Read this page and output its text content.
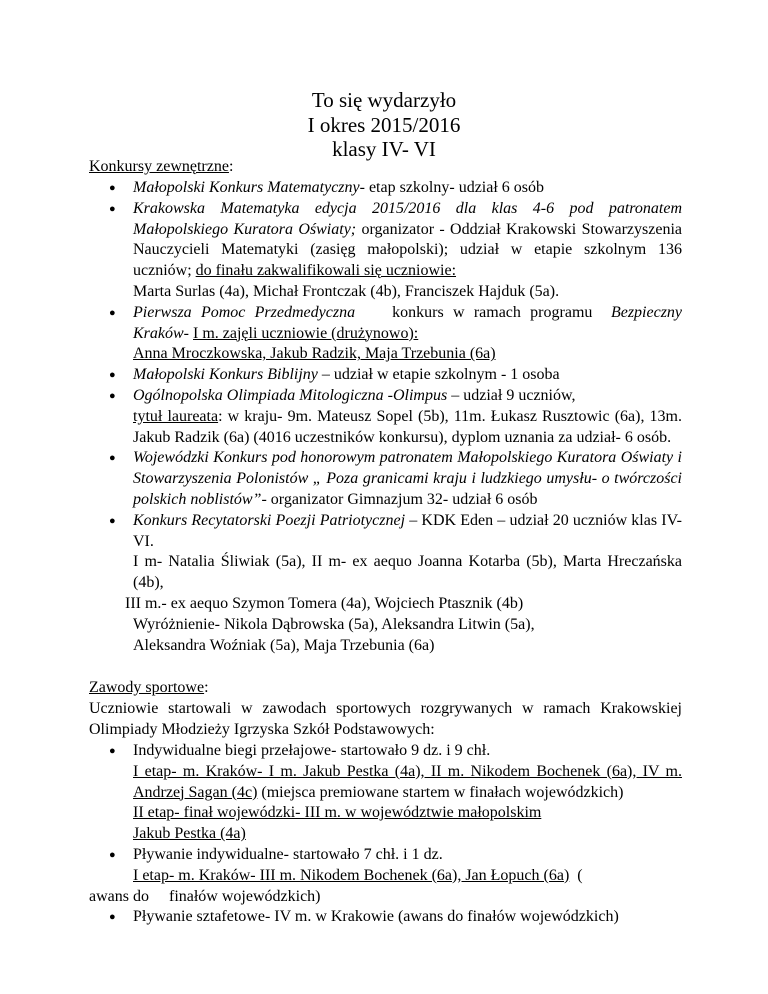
To się wydarzyło
I okres 2015/2016
klasy IV- VI
Konkursy zewnętrzne:
● Małopolski Konkurs Matematyczny- etap szkolny- udział 6 osób
● Krakowska Matematyka edycja 2015/2016 dla klas 4-6 pod patronatem Małopolskiego Kuratora Oświaty; organizator - Oddział Krakowski Stowarzyszenia Nauczycieli Matematyki (zasięg małopolski); udział w etapie szkolnym 136 uczniów; do finału zakwalifikowali się uczniowie:
Marta Surlas (4a), Michał Frontczak (4b), Franciszek Hajduk (5a).
● Pierwsza Pomoc Przedmedyczna    konkurs w ramach programu  Bezpieczny Kraków- I m. zajęli uczniowie (drużynowo):
Anna Mroczkowska, Jakub Radzik, Maja Trzebunia (6a)
● Małopolski Konkurs Biblijny – udział w etapie szkolnym - 1 osoba
● Ogólnopolska Olimpiada Mitologiczna -Olimpus – udział 9 uczniów,
tytuł laureata: w kraju- 9m. Mateusz Sopel (5b), 11m. Łukasz Rusztowic (6a), 13m. Jakub Radzik (6a) (4016 uczestników konkursu), dyplom uznania za udział- 6 osób.
● Wojewódzki Konkurs pod honorowym patronatem Małopolskiego Kuratora Oświaty i Stowarzyszenia Polonistów „ Poza granicami kraju i ludzkiego umysłu- o twórczości polskich noblistów”- organizator Gimnazjum 32- udział 6 osób
● Konkurs Recytatorski Poezji Patriotycznej – KDK Eden – udział 20 uczniów klas IV- VI.
I m- Natalia Śliwiak (5a), II m- ex aequo Joanna Kotarba (5b), Marta Hreczańska (4b),
III m.- ex aequo Szymon Tomera (4a), Wojciech Ptasznik (4b)
Wyróżnienie- Nikola Dąbrowska (5a), Aleksandra Litwin (5a),
Aleksandra Woźniak (5a), Maja Trzebunia (6a)
Zawody sportowe:
Uczniowie startowali w zawodach sportowych rozgrywanych w ramach Krakowskiej Olimpiady Młodzieży Igrzyska Szkół Podstawowych:
● Indywidualne biegi przełajowe- startowało 9 dz. i 9 chł.
I etap- m. Kraków- I m. Jakub Pestka (4a), II m. Nikodem Bochenek (6a), IV m. Andrzej Sagan (4c) (miejsca premiowane startem w finałach wojewódzkich)
II etap- finał wojewódzki- III m. w województwie małopolskim
Jakub Pestka (4a)
● Pływanie indywidualne- startowało 7 chł. i 1 dz.
I etap- m. Kraków- III m. Nikodem Bochenek (6a), Jan Łopuch (6a)  (
awans do     finałów wojewódzkich)
● Pływanie sztafetowe- IV m. w Krakowie (awans do finałów wojewódzkich)
